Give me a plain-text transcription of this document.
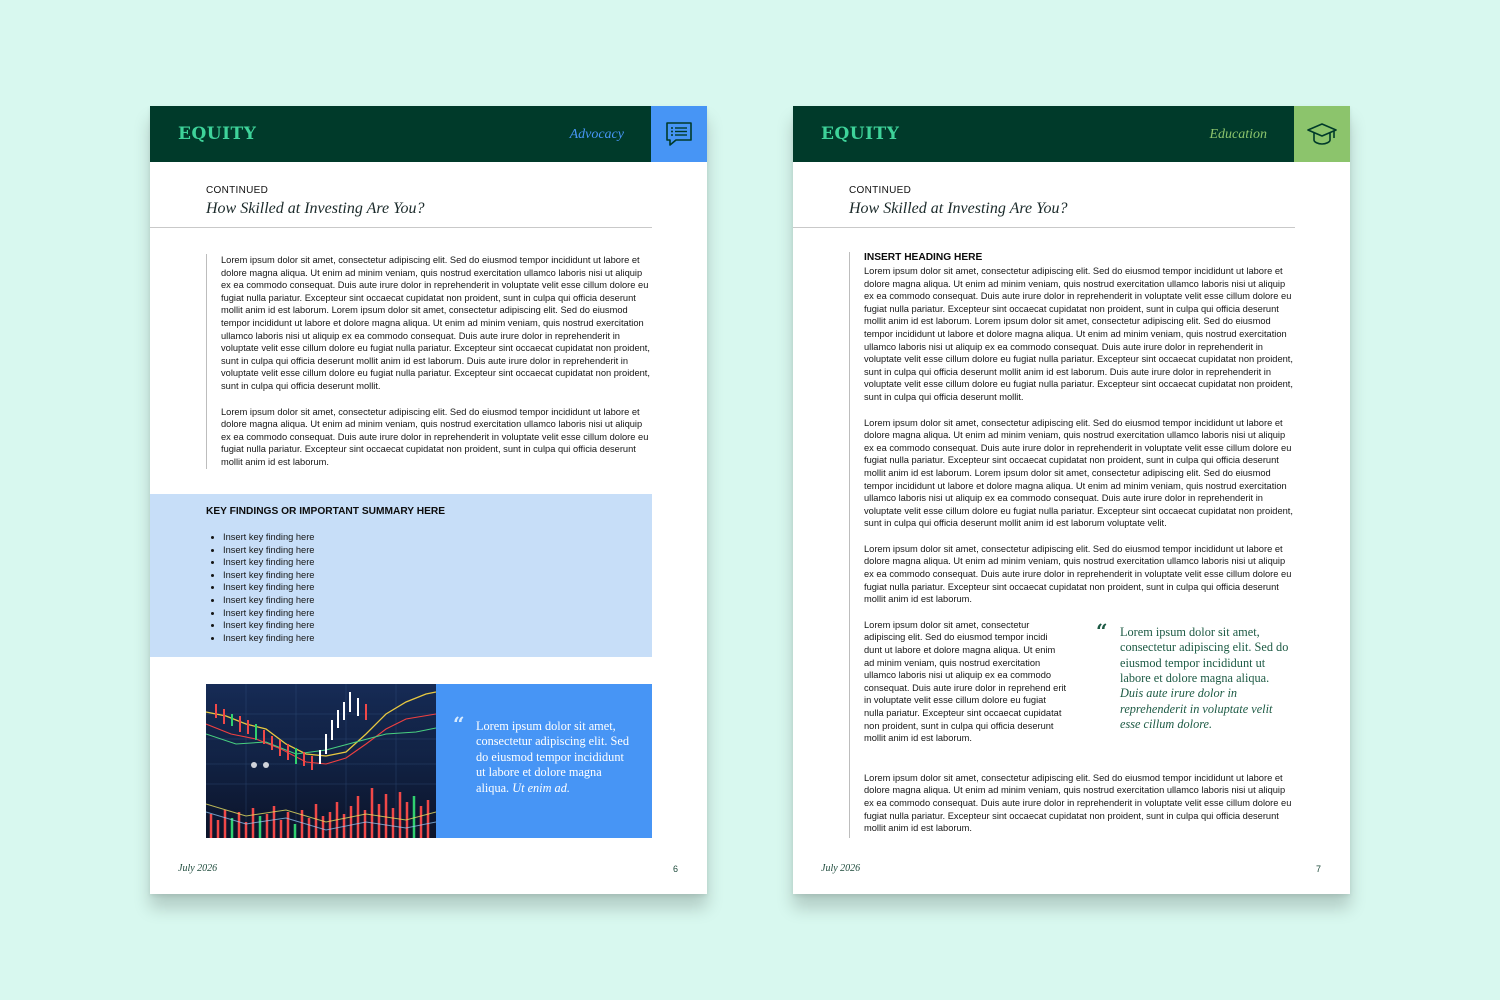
EQUITY	Advocacy
CONTINUED
How Skilled at Investing Are You?

Lorem ipsum dolor sit amet, consectetur adipiscing elit. Sed do eiusmod tempor incididunt ut labore et dolore magna aliqua. Ut enim ad minim veniam, quis nostrud exercitation ullamco laboris nisi ut aliquip ex ea commodo consequat. Duis aute irure dolor in reprehenderit in voluptate velit esse cillum dolore eu fugiat nulla pariatur. Excepteur sint occaecat cupidatat non proident, sunt in culpa qui officia deserunt mollit anim id est laborum. Lorem ipsum dolor sit amet, consectetur adipiscing elit. Sed do eiusmod tempor incididunt ut labore et dolore magna aliqua. Ut enim ad minim veniam, quis nostrud exercitation ullamco laboris nisi ut aliquip ex ea commodo consequat. Duis aute irure dolor in reprehenderit in voluptate velit esse cillum dolore eu fugiat nulla pariatur. Excepteur sint occaecat cupidatat non proident, sunt in culpa qui officia deserunt mollit anim id est laborum. Duis aute irure dolor in reprehenderit in voluptate velit esse cillum dolore eu fugiat nulla pariatur. Excepteur sint occaecat cupidatat non proident, sunt in culpa qui officia deserunt mollit.

Lorem ipsum dolor sit amet, consectetur adipiscing elit. Sed do eiusmod tempor incididunt ut labore et dolore magna aliqua. Ut enim ad minim veniam, quis nostrud exercitation ullamco laboris nisi ut aliquip ex ea commodo consequat. Duis aute irure dolor in reprehenderit in voluptate velit esse cillum dolore eu fugiat nulla pariatur. Excepteur sint occaecat cupidatat non proident, sunt in culpa qui officia deserunt mollit anim id est laborum.

KEY FINDINGS OR IMPORTANT SUMMARY HERE
• Insert key finding here
• Insert key finding here
• Insert key finding here
• Insert key finding here
• Insert key finding here
• Insert key finding here
• Insert key finding here
• Insert key finding here
• Insert key finding here
“ Lorem ipsum dolor sit amet, consectetur adipiscing elit. Sed do eiusmod tempor incididunt ut labore et dolore magna aliqua. Ut enim ad.
July 2026	6
EQUITY	Education
CONTINUED
How Skilled at Investing Are You?
INSERT HEADING HERE

Lorem ipsum dolor sit amet, consectetur adipiscing elit. Sed do eiusmod tempor incididunt ut labore et dolore magna aliqua. Ut enim ad minim veniam, quis nostrud exercitation ullamco laboris nisi ut aliquip ex ea commodo consequat. Duis aute irure dolor in reprehenderit in voluptate velit esse cillum dolore eu fugiat nulla pariatur. Excepteur sint occaecat cupidatat non proident, sunt in culpa qui officia deserunt mollit anim id est laborum. Lorem ipsum dolor sit amet, consectetur adipiscing elit. Sed do eiusmod tempor incididunt ut labore et dolore magna aliqua. Ut enim ad minim veniam, quis nostrud exercitation ullamco laboris nisi ut aliquip ex ea commodo consequat. Duis aute irure dolor in reprehenderit in voluptate velit esse cillum dolore eu fugiat nulla pariatur. Excepteur sint occaecat cupidatat non proident, sunt in culpa qui officia deserunt mollit anim id est laborum. Duis aute irure dolor in reprehenderit in voluptate velit esse cillum dolore eu fugiat nulla pariatur. Excepteur sint occaecat cupidatat non proident, sunt in culpa qui officia deserunt mollit.

Lorem ipsum dolor sit amet, consectetur adipiscing elit. Sed do eiusmod tempor incididunt ut labore et dolore magna aliqua. Ut enim ad minim veniam, quis nostrud exercitation ullamco laboris nisi ut aliquip ex ea commodo consequat. Duis aute irure dolor in reprehenderit in voluptate velit esse cillum dolore eu fugiat nulla pariatur. Excepteur sint occaecat cupidatat non proident, sunt in culpa qui officia deserunt mollit anim id est laborum. Lorem ipsum dolor sit amet, consectetur adipiscing elit. Sed do eiusmod tempor incididunt ut labore et dolore magna aliqua. Ut enim ad minim veniam, quis nostrud exercitation ullamco laboris nisi ut aliquip ex ea commodo consequat. Duis aute irure dolor in reprehenderit in voluptate velit esse cillum dolore eu fugiat nulla pariatur. Excepteur sint occaecat cupidatat non proident, sunt in culpa qui officia deserunt mollit anim id est laborum voluptate velit.

Lorem ipsum dolor sit amet, consectetur adipiscing elit. Sed do eiusmod tempor incididunt ut labore et dolore magna aliqua. Ut enim ad minim veniam, quis nostrud exercitation ullamco laboris nisi ut aliquip ex ea commodo consequat. Duis aute irure dolor in reprehenderit in voluptate velit esse cillum dolore eu fugiat nulla pariatur. Excepteur sint occaecat cupidatat non proident, sunt in culpa qui officia deserunt mollit anim id est laborum.

Lorem ipsum dolor sit amet, consectetur adipiscing elit. Sed do eiusmod tempor incidi dunt ut labore et dolore magna aliqua. Ut enim ad minim veniam, quis nostrud exercitation ullamco laboris nisi ut aliquip ex ea commodo consequat. Duis aute irure dolor in reprehend erit in voluptate velit esse cillum dolore eu fugiat nulla pariatur. Excepteur sint occaecat cupidatat non proident, sunt in culpa qui officia deserunt mollit anim id est laborum.

“ Lorem ipsum dolor sit amet, consectetur adipiscing elit. Sed do eiusmod tempor incididunt ut labore et dolore magna aliqua. Duis aute irure dolor in reprehenderit in voluptate velit esse cillum dolore.

Lorem ipsum dolor sit amet, consectetur adipiscing elit. Sed do eiusmod tempor incididunt ut labore et dolore magna aliqua. Ut enim ad minim veniam, quis nostrud exercitation ullamco laboris nisi ut aliquip ex ea commodo consequat. Duis aute irure dolor in reprehenderit in voluptate velit esse cillum dolore eu fugiat nulla pariatur. Excepteur sint occaecat cupidatat non proident, sunt in culpa qui officia deserunt mollit anim id est laborum.

July 2026	7
